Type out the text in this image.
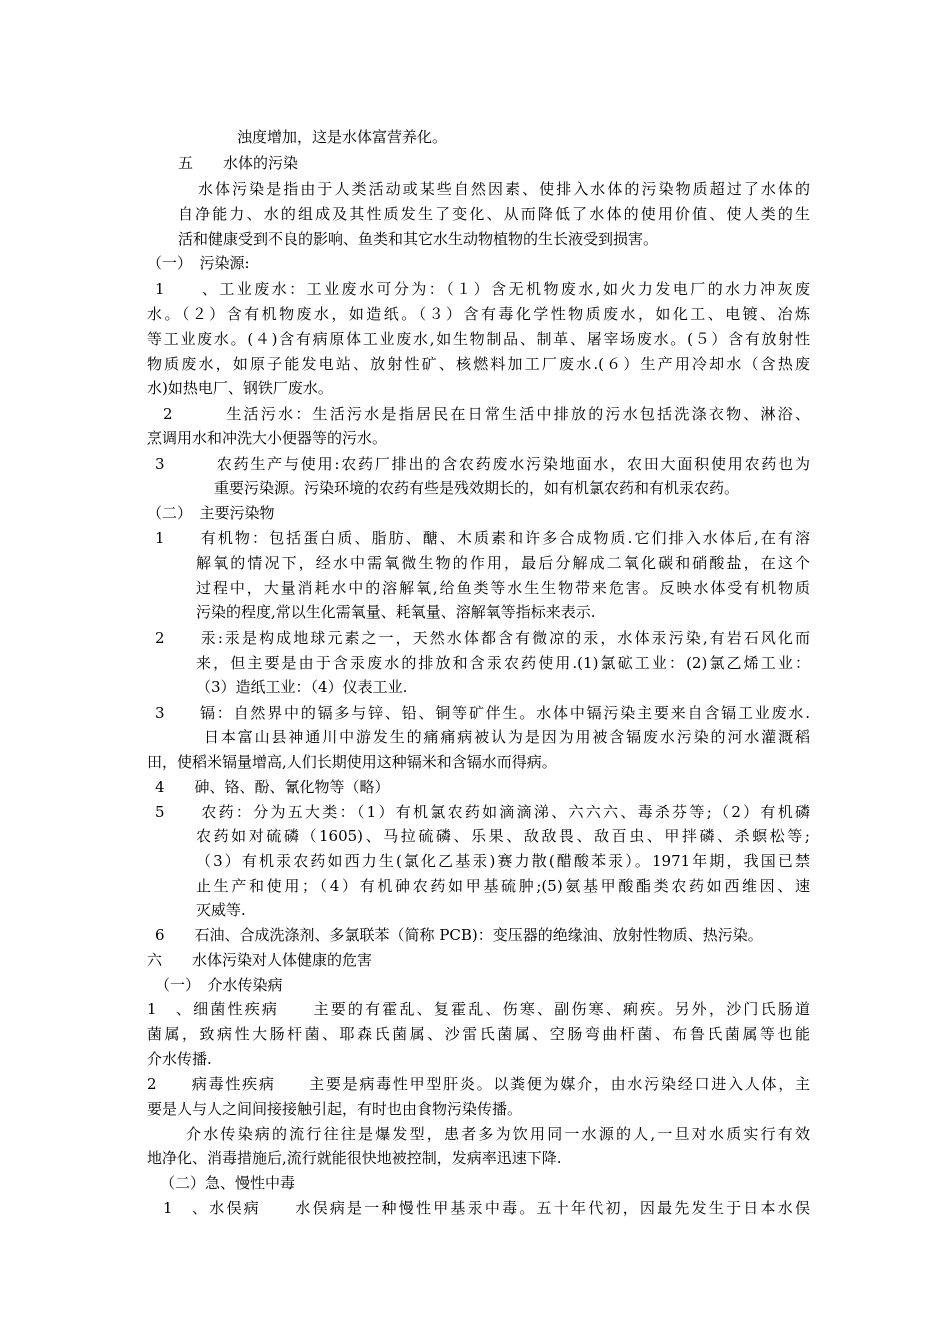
浊度增加，这是水体富营养化。
五　　水体的污染
水体污染是指由于人类活动或某些自然因素、使排入水体的污染物质超过了水体的
自净能力、水的组成及其性质发生了变化、从而降低了水体的使用价值、使人类的生
活和健康受到不良的影响、鱼类和其它水生动物植物的生长液受到损害。
（一）　污染源:
1　　、工业废水：工业废水可分为：（１）含无机物废水,如火力发电厂的水力冲灰废
水。（２）含有机物废水，如造纸。（３）含有毒化学性物质废水，如化工、电镀、冶炼
等工业废水。(４)含有病原体工业废水,如生物制品、制革、屠宰场废水。(５）含有放射性
物质废水，如原子能发电站、放射性矿、核燃料加工厂废水.(６）生产用冷却水（含热废
水)如热电厂、钢铁厂废水。
2　　　生活污水：生活污水是指居民在日常生活中排放的污水包括洗涤衣物、淋浴、
烹调用水和冲洗大小便器等的污水。
3　　　农药生产与使用:农药厂排出的含农药废水污染地面水，农田大面积使用农药也为
重要污染源。污染环境的农药有些是残效期长的，如有机氯农药和有机汞农药。
（二）　主要污染物
1　　有机物：包括蛋白质、脂肪、醣、木质素和许多合成物质.它们排入水体后,在有溶
解氧的情况下，经水中需氧微生物的作用，最后分解成二氧化碳和硝酸盐，在这个
过程中，大量消耗水中的溶解氧,给鱼类等水生生物带来危害。反映水体受有机物质
污染的程度,常以生化需氧量、耗氧量、溶解氧等指标来表示.
2　　汞:汞是构成地球元素之一，天然水体都含有微凉的汞，水体汞污染,有岩石风化而
来，但主要是由于含汞废水的排放和含汞农药使用.(1)氯砿工业：(2)氯乙烯工业：
（3）造纸工业：（4）仪表工业.
3　　镉：自然界中的镉多与锌、铅、铜等矿伴生。水体中镉污染主要来自含镉工业废水.
日本富山县神通川中游发生的痛痛病被认为是因为用被含镉废水污染的河水灌溉稻
田，使稻米镉量增高,人们长期使用这种镉米和含镉水而得病。
4　　砷、铬、酚、氰化物等（略）
5　　农药：分为五大类：（1）有机氯农药如滴滴涕、六六六、毒杀芬等;（2）有机磷
农药如对硫磷（1605)、马拉硫磷、乐果、敌敌畏、敌百虫、甲拌磷、杀螟松等;
（3）有机汞农药如西力生(氯化乙基汞)赛力散(醋酸苯汞）。1971年期，我国已禁
止生产和使用；（4）有机砷农药如甲基硫肿;(5)氨基甲酸酯类农药如西维因、速
灭威等.
6　　石油、合成洗涤剂、多氯联苯（简称 PCB)：变压器的绝缘油、放射性物质、热污染。
六　　水体污染对人体健康的危害
（一）　介水传染病
1　、细菌性疾病　　主要的有霍乱、复霍乱、伤寒、副伤寒、痢疾。另外，沙门氏肠道
菌属，致病性大肠杆菌、耶森氏菌属、沙雷氏菌属、空肠弯曲杆菌、布鲁氏菌属等也能
介水传播.
2　　病毒性疾病　　主要是病毒性甲型肝炎。以粪便为媒介，由水污染经口进入人体，主
要是人与人之间间接接触引起，有时也由食物污染传播。
介水传染病的流行往往是爆发型，患者多为饮用同一水源的人,一旦对水质实行有效
地净化、消毒措施后,流行就能很快地被控制，发病率迅速下降.
（二）急、慢性中毒
1　、水俣病　　水俣病是一种慢性甲基汞中毒。五十年代初，因最先发生于日本水俣
